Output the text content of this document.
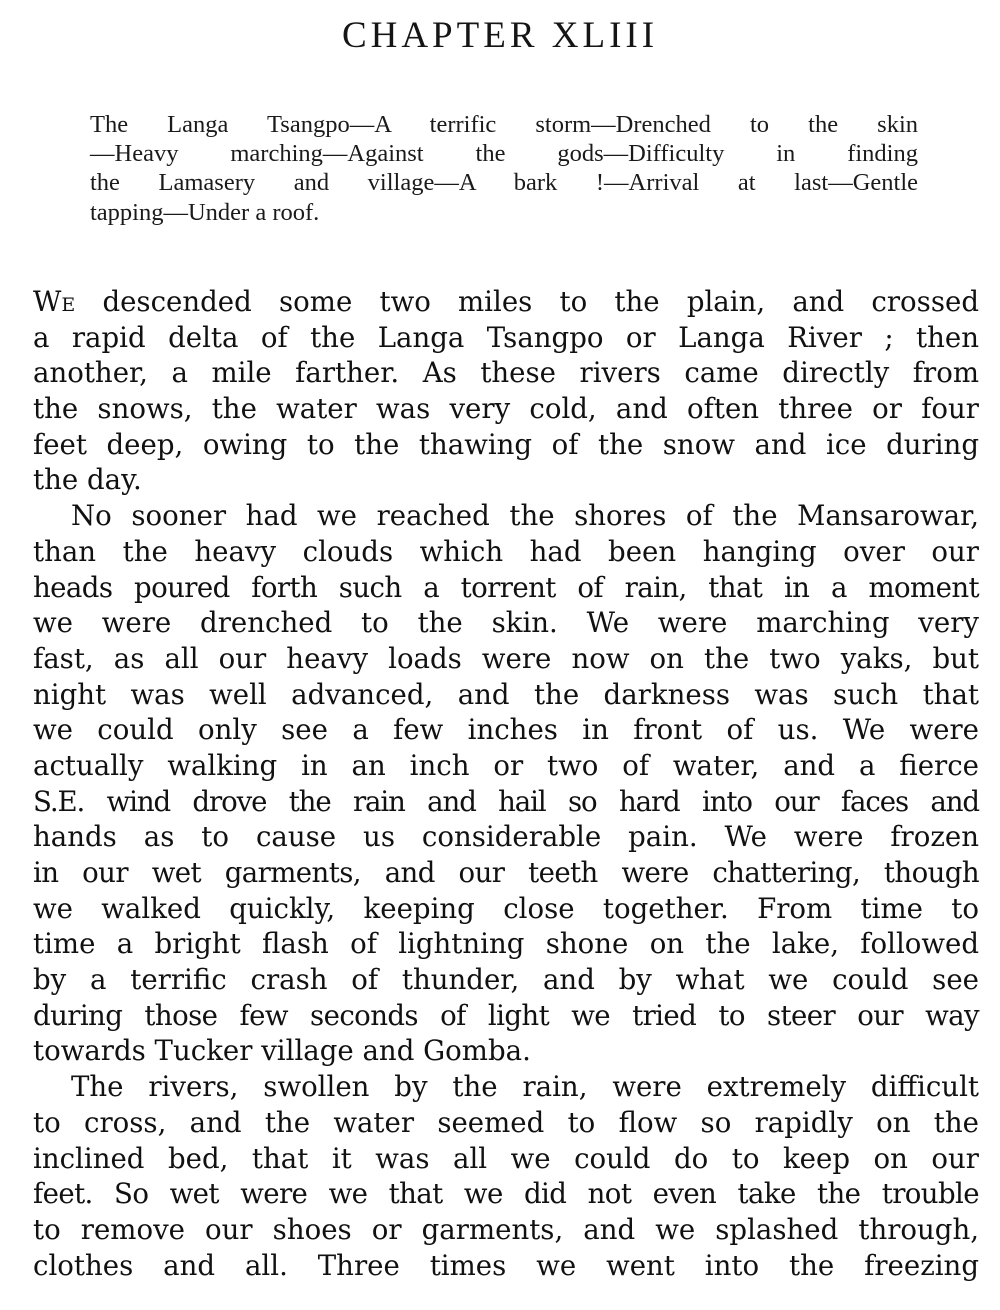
CHAPTER XLIII
The Langa Tsangpo—A terrific storm—Drenched to the skin
—Heavy marching—Against the gods—Difficulty in finding
the Lamasery and village—A bark !—Arrival at last—Gentle
tapping—Under a roof.
We descended some two miles to the plain, and crossed
a rapid delta of the Langa Tsangpo or Langa River ; then
another, a mile farther. As these rivers came directly from
the snows, the water was very cold, and often three or four
feet deep, owing to the thawing of the snow and ice during
the day.
No sooner had we reached the shores of the Mansarowar,
than the heavy clouds which had been hanging over our
heads poured forth such a torrent of rain, that in a moment
we were drenched to the skin. We were marching very
fast, as all our heavy loads were now on the two yaks, but
night was well advanced, and the darkness was such that
we could only see a few inches in front of us. We were
actually walking in an inch or two of water, and a fierce
S.E. wind drove the rain and hail so hard into our faces and
hands as to cause us considerable pain. We were frozen
in our wet garments, and our teeth were chattering, though
we walked quickly, keeping close together. From time to
time a bright flash of lightning shone on the lake, followed
by a terrific crash of thunder, and by what we could see
during those few seconds of light we tried to steer our way
towards Tucker village and Gomba.
The rivers, swollen by the rain, were extremely difficult
to cross, and the water seemed to flow so rapidly on the
inclined bed, that it was all we could do to keep on our
feet. So wet were we that we did not even take the trouble
to remove our shoes or garments, and we splashed through,
clothes and all. Three times we went into the freezing
